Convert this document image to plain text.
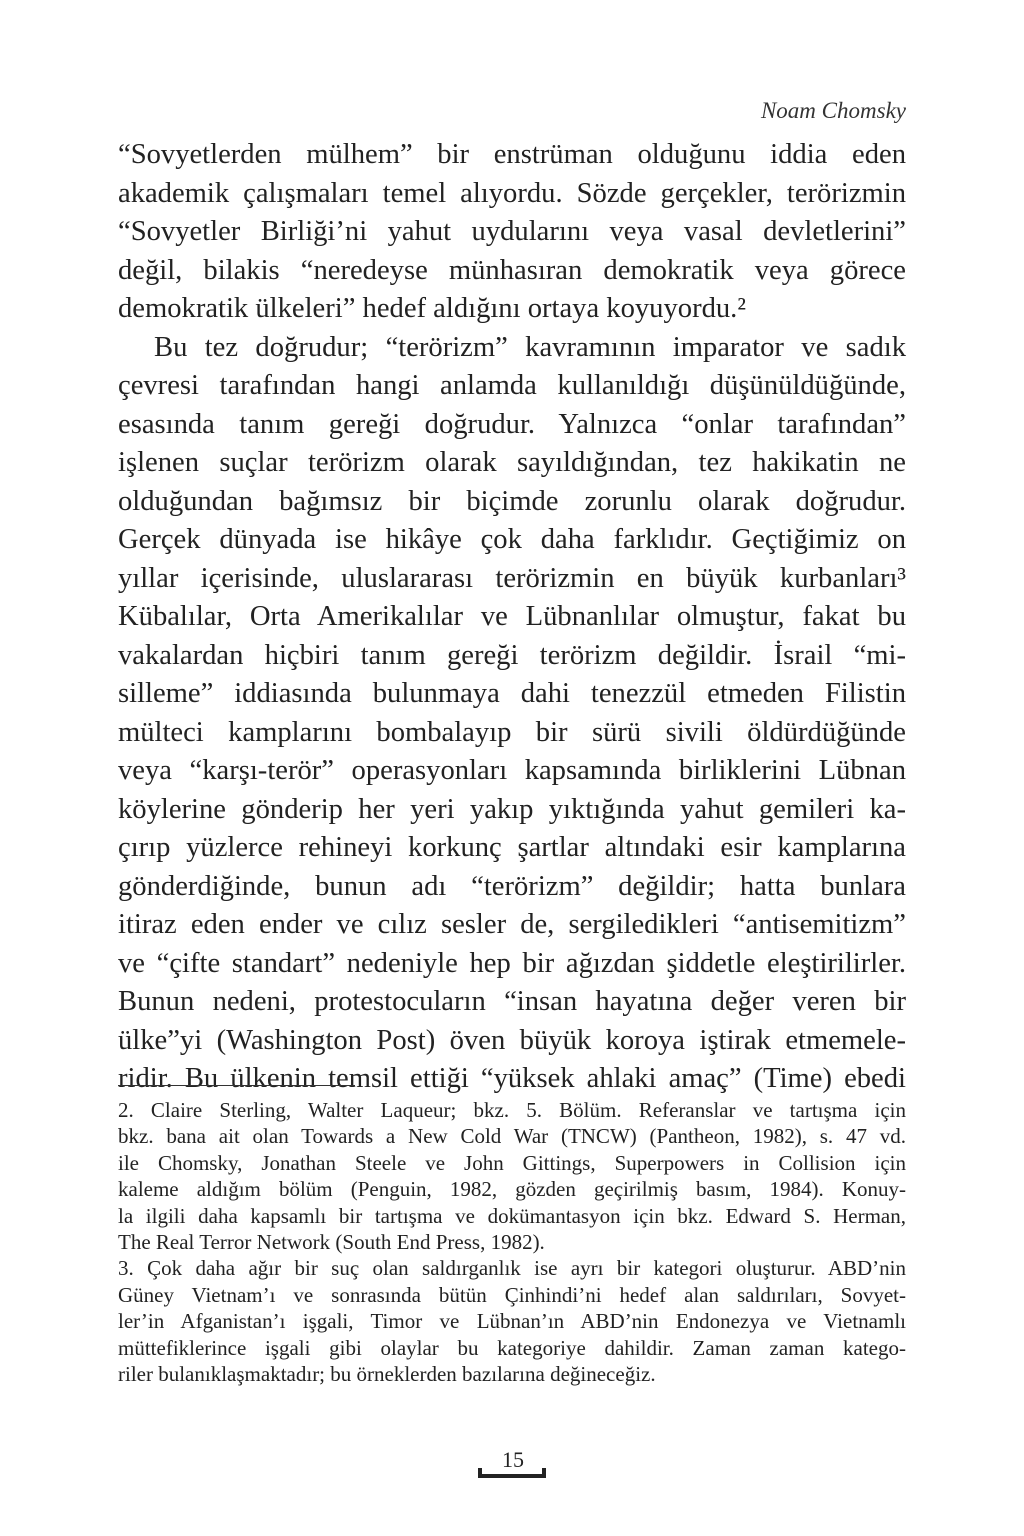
Noam Chomsky
“Sovyetlerden mülhem” bir enstrüman olduğunu iddia eden
akademik çalışmaları temel alıyordu. Sözde gerçekler, terörizmin
“Sovyetler Birliği’ni yahut uydularını veya vasal devletlerini”
değil, bilakis “neredeyse münhasıran demokratik veya görece
demokratik ülkeleri” hedef aldığını ortaya koyuyordu.²
Bu tez doğrudur; “terörizm” kavramının imparator ve sadık
çevresi tarafından hangi anlamda kullanıldığı düşünüldüğünde,
esasında tanım gereği doğrudur. Yalnızca “onlar tarafından”
işlenen suçlar terörizm olarak sayıldığından, tez hakikatin ne
olduğundan bağımsız bir biçimde zorunlu olarak doğrudur.
Gerçek dünyada ise hikâye çok daha farklıdır. Geçtiğimiz on
yıllar içerisinde, uluslararası terörizmin en büyük kurbanları³
Kübalılar, Orta Amerikalılar ve Lübnanlılar olmuştur, fakat bu
vakalardan hiçbiri tanım gereği terörizm değildir. İsrail “mi-
silleme” iddiasında bulunmaya dahi tenezzül etmeden Filistin
mülteci kamplarını bombalayıp bir sürü sivili öldürdüğünde
veya “karşı-terör” operasyonları kapsamında birliklerini Lübnan
köylerine gönderip her yeri yakıp yıktığında yahut gemileri ka-
çırıp yüzlerce rehineyi korkunç şartlar altındaki esir kamplarına
gönderdiğinde, bunun adı “terörizm” değildir; hatta bunlara
itiraz eden ender ve cılız sesler de, sergiledikleri “antisemitizm”
ve “çifte standart” nedeniyle hep bir ağızdan şiddetle eleştirilirler.
Bunun nedeni, protestocuların “insan hayatına değer veren bir
ülke”yi (Washington Post) öven büyük koroya iştirak etmemele-
ridir. Bu ülkenin temsil ettiği “yüksek ahlaki amaç” (Time) ebedi
2. Claire Sterling, Walter Laqueur; bkz. 5. Bölüm. Referanslar ve tartışma için
bkz. bana ait olan Towards a New Cold War (TNCW) (Pantheon, 1982), s. 47 vd.
ile Chomsky, Jonathan Steele ve John Gittings, Superpowers in Collision için
kaleme aldığım bölüm (Penguin, 1982, gözden geçirilmiş basım, 1984). Konuy-
la ilgili daha kapsamlı bir tartışma ve dokümantasyon için bkz. Edward S. Herman,
The Real Terror Network (South End Press, 1982).
3. Çok daha ağır bir suç olan saldırganlık ise ayrı bir kategori oluşturur. ABD’nin
Güney Vietnam’ı ve sonrasında bütün Çinhindi’ni hedef alan saldırıları, Sovyet-
ler’in Afganistan’ı işgali, Timor ve Lübnan’ın ABD’nin Endonezya ve Vietnamlı
müttefiklerince işgali gibi olaylar bu kategoriye dahildir. Zaman zaman katego-
riler bulanıklaşmaktadır; bu örneklerden bazılarına değineceğiz.
15
